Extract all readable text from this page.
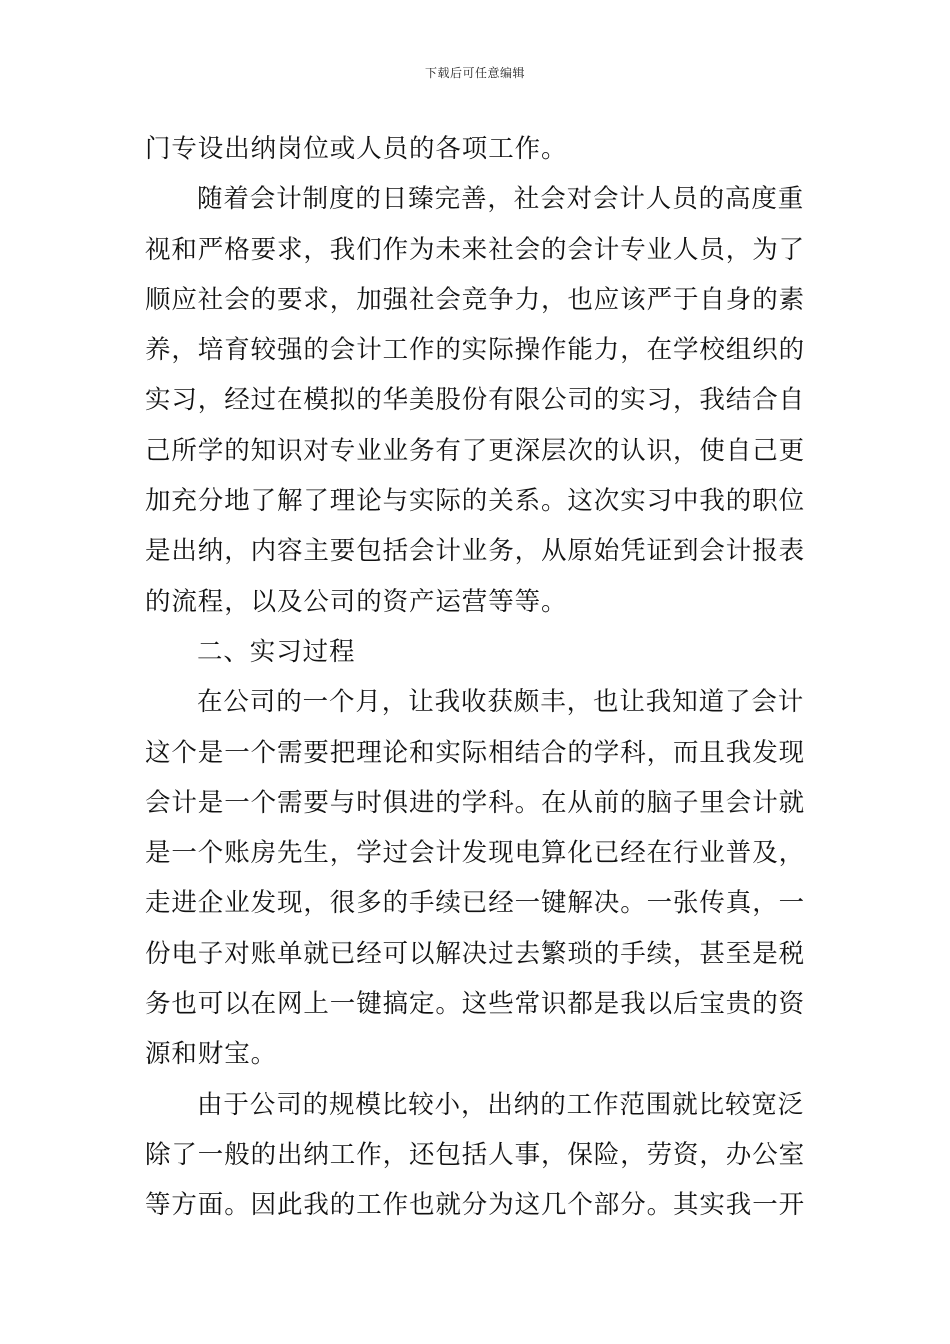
下载后可任意编辑
门专设出纳岗位或人员的各项工作。
随着会计制度的日臻完善，社会对会计人员的高度重
视和严格要求，我们作为未来社会的会计专业人员，为了
顺应社会的要求，加强社会竞争力，也应该严于自身的素
养，培育较强的会计工作的实际操作能力，在学校组织的
实习，经过在模拟的华美股份有限公司的实习，我结合自
己所学的知识对专业业务有了更深层次的认识，使自己更
加充分地了解了理论与实际的关系。这次实习中我的职位
是出纳，内容主要包括会计业务，从原始凭证到会计报表
的流程，以及公司的资产运营等等。
二、实习过程
在公司的一个月，让我收获颇丰，也让我知道了会计
这个是一个需要把理论和实际相结合的学科，而且我发现
会计是一个需要与时俱进的学科。在从前的脑子里会计就
是一个账房先生，学过会计发现电算化已经在行业普及，
走进企业发现，很多的手续已经一键解决。一张传真，一
份电子对账单就已经可以解决过去繁琐的手续，甚至是税
务也可以在网上一键搞定。这些常识都是我以后宝贵的资
源和财宝。
由于公司的规模比较小，出纳的工作范围就比较宽泛
除了一般的出纳工作，还包括人事，保险，劳资，办公室
等方面。因此我的工作也就分为这几个部分。其实我一开
